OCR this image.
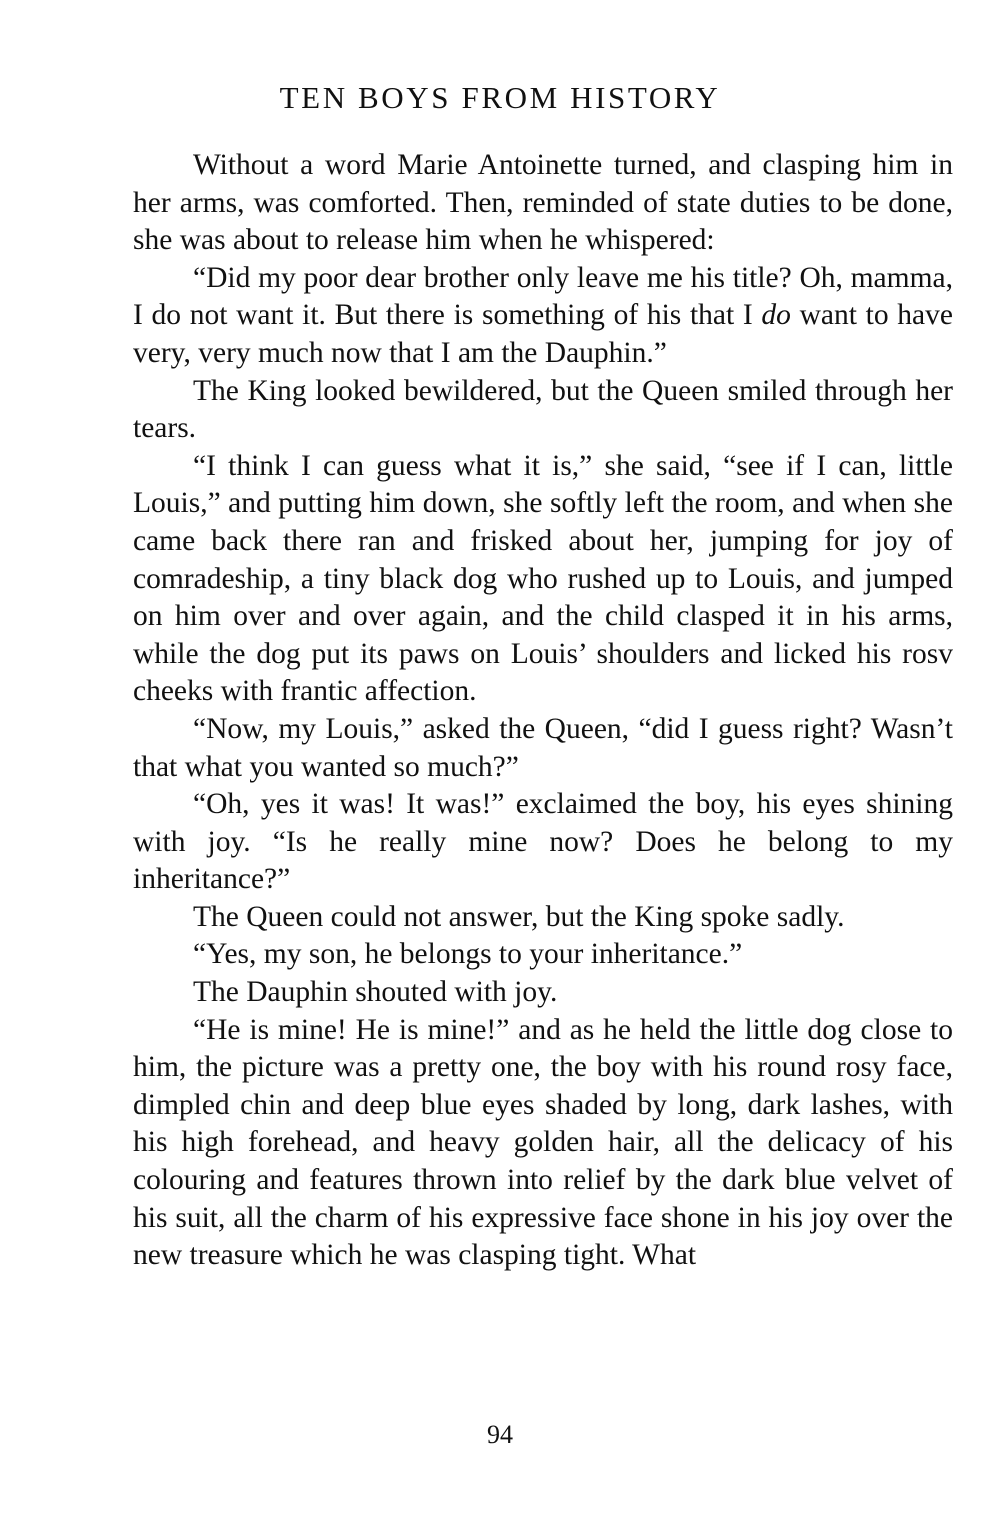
TEN BOYS FROM HISTORY

Without a word Marie Antoinette turned, and clasping him in her arms, was comforted. Then, reminded of state duties to be done, she was about to release him when he whispered:

“Did my poor dear brother only leave me his title? Oh, mamma, I do not want it. But there is something of his that I do want to have very, very much now that I am the Dauphin.”

The King looked bewildered, but the Queen smiled through her tears.

“I think I can guess what it is,” she said, “see if I can, little Louis,” and putting him down, she softly left the room, and when she came back there ran and frisked about her, jumping for joy of comradeship, a tiny black dog who rushed up to Louis, and jumped on him over and over again, and the child clasped it in his arms, while the dog put its paws on Louis’ shoulders and licked his rosv cheeks with frantic affection.

“Now, my Louis,” asked the Queen, “did I guess right? Wasn’t that what you wanted so much?”

“Oh, yes it was! It was!” exclaimed the boy, his eyes shining with joy. “Is he really mine now? Does he belong to my inheritance?”

The Queen could not answer, but the King spoke sadly.

“Yes, my son, he belongs to your inheritance.”

The Dauphin shouted with joy.

“He is mine! He is mine!” and as he held the little dog close to him, the picture was a pretty one, the boy with his round rosy face, dimpled chin and deep blue eyes shaded by long, dark lashes, with his high forehead, and heavy golden hair, all the delicacy of his colouring and features thrown into relief by the dark blue velvet of his suit, all the charm of his expressive face shone in his joy over the new treasure which he was clasping tight. What

94
